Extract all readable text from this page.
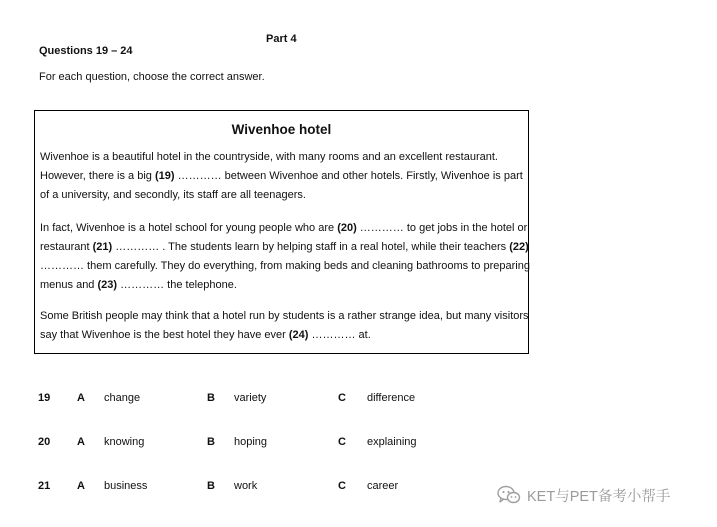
Part 4
Questions 19 – 24
For each question, choose the correct answer.
Wivenhoe hotel

Wivenhoe is a beautiful hotel in the countryside, with many rooms and an excellent restaurant. However, there is a big (19) ………… between Wivenhoe and other hotels. Firstly, Wivenhoe is part of a university, and secondly, its staff are all teenagers.

In fact, Wivenhoe is a hotel school for young people who are (20) ………… to get jobs in the hotel or restaurant (21) ………… . The students learn by helping staff in a real hotel, while their teachers (22) ………… them carefully. They do everything, from making beds and cleaning bathrooms to preparing menus and (23) ………… the telephone.

Some British people may think that a hotel run by students is a rather strange idea, but many visitors say that Wivenhoe is the best hotel they have ever (24) ………… at.

19 A change	B variety	C difference
20 A knowing	B hoping	C explaining
21 A business	B work	C career
KET与PET备考小帮手
